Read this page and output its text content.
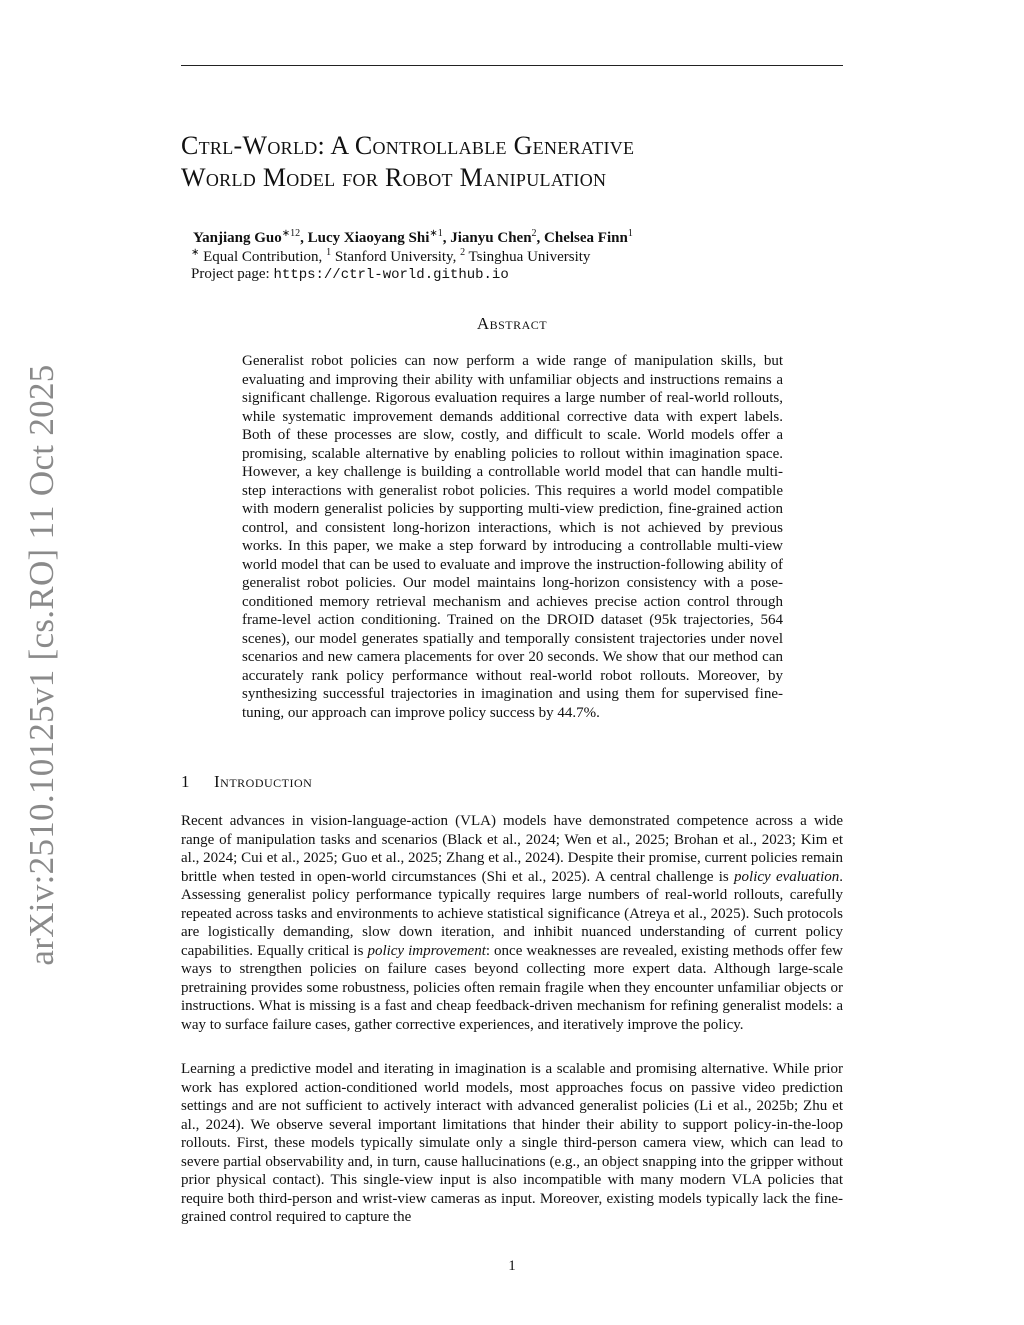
arXiv:2510.10125v1 [cs.RO] 11 Oct 2025
Ctrl-World: A Controllable Generative
World Model for Robot Manipulation
Yanjiang Guo$^{∗12}$, Lucy Xiaoyang Shi$^{∗1}$, Jianyu Chen$^2$, Chelsea Finn$^1$
∗ Equal Contribution, $^1$ Stanford University, $^2$ Tsinghua University
Project page: https://ctrl-world.github.io
Abstract

Generalist robot policies can now perform a wide range of manipulation skills, but evaluating and improving their ability with unfamiliar objects and instructions remains a significant challenge. Rigorous evaluation requires a large number of real-world rollouts, while systematic improvement demands additional corrective data with expert labels. Both of these processes are slow, costly, and difficult to scale. World models offer a promising, scalable alternative by enabling policies to rollout within imagination space. However, a key challenge is building a controllable world model that can handle multi-step interactions with generalist robot policies. This requires a world model compatible with modern generalist policies by supporting multi-view prediction, fine-grained action control, and consistent long-horizon interactions, which is not achieved by previous works. In this paper, we make a step forward by introducing a controllable multi-view world model that can be used to evaluate and improve the instruction-following ability of generalist robot policies. Our model maintains long-horizon consistency with a pose-conditioned memory retrieval mechanism and achieves precise action control through frame-level action conditioning. Trained on the DROID dataset (95k trajectories, 564 scenes), our model generates spatially and temporally consistent trajectories under novel scenarios and new camera placements for over 20 seconds. We show that our method can accurately rank policy performance without real-world robot rollouts. Moreover, by synthesizing successful trajectories in imagination and using them for supervised fine-tuning, our approach can improve policy success by 44.7%.

1 Introduction

Recent advances in vision-language-action (VLA) models have demonstrated competence across a wide range of manipulation tasks and scenarios (Black et al., 2024; Wen et al., 2025; Brohan et al., 2023; Kim et al., 2024; Cui et al., 2025; Guo et al., 2025; Zhang et al., 2024). Despite their promise, current policies remain brittle when tested in open-world circumstances (Shi et al., 2025). A central challenge is policy evaluation. Assessing generalist policy performance typically requires large numbers of real-world rollouts, carefully repeated across tasks and environments to achieve statistical significance (Atreya et al., 2025). Such protocols are logistically demanding, slow down iteration, and inhibit nuanced understanding of current policy capabilities. Equally critical is policy improvement: once weaknesses are revealed, existing methods offer few ways to strengthen policies on failure cases beyond collecting more expert data. Although large-scale pretraining provides some robustness, policies often remain fragile when they encounter unfamiliar objects or instructions. What is missing is a fast and cheap feedback-driven mechanism for refining generalist models: a way to surface failure cases, gather corrective experiences, and iteratively improve the policy.

Learning a predictive model and iterating in imagination is a scalable and promising alternative. While prior work has explored action-conditioned world models, most approaches focus on passive video prediction settings and are not sufficient to actively interact with advanced generalist policies (Li et al., 2025b; Zhu et al., 2024). We observe several important limitations that hinder their ability to support policy-in-the-loop rollouts. First, these models typically simulate only a single third-person camera view, which can lead to severe partial observability and, in turn, cause hallucinations (e.g., an object snapping into the gripper without prior physical contact). This single-view input is also incompatible with many modern VLA policies that require both third-person and wrist-view cameras as input. Moreover, existing models typically lack the fine-grained control required to capture the

1
